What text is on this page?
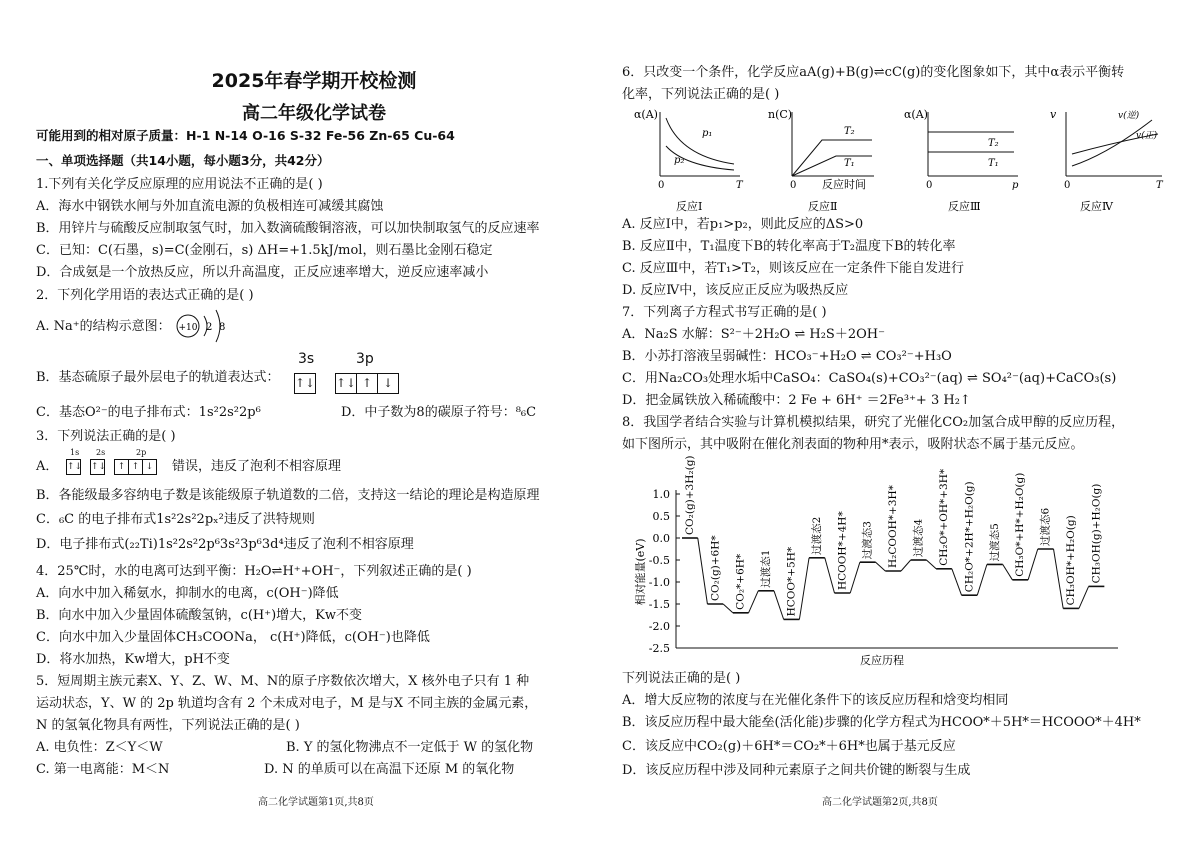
2025年春学期开校检测
高二年级化学试卷
可能用到的相对原子质量：H-1 N-14 O-16 S-32 Fe-56 Zn-65 Cu-64
一、单项选择题（共14小题，每小题3分，共42分）
1.下列有关化学反应原理的应用说法不正确的是( )
A．海水中钢铁水闸与外加直流电源的负极相连可减缓其腐蚀
B．用锌片与硫酸反应制取氢气时，加入数滴硫酸铜溶液，可以加快制取氢气的反应速率
C．已知：C(石墨，s)=C(金刚石，s) ΔH=+1.5kJ/mol，则石墨比金刚石稳定
D．合成氨是一个放热反应，所以升高温度，正反应速率增大，逆反应速率减小
2．下列化学用语的表达式正确的是( )
A. Na⁺的结构示意图： +10 2 8
B．基态硫原子最外层电子的轨道表达式：
3s	3p
↑↓ ↑↓ ↑ ↓
C．基态O²⁻的电子排布式：1s²2s²2p⁶	D．中子数为8的碳原子符号：⁸₆C
3．下列说法正确的是( )
A．
1s 2s	2p
↑↓ ↑↓ ↑ ↑ ↓ 错误，违反了泡利不相容原理
B．各能级最多容纳电子数是该能级原子轨道数的二倍，支持这一结论的理论是构造原理
C．₆C 的电子排布式1s²2s²2pₓ²违反了洪特规则
D．电子排布式(₂₂Ti)1s²2s²2p⁶3s²3p⁶3d⁴违反了泡利不相容原理
4．25℃时，水的电离可达到平衡：H₂O⇌H⁺+OH⁻，下列叙述正确的是( )
A．向水中加入稀氨水，抑制水的电离，c(OH⁻)降低
B．向水中加入少量固体硫酸氢钠，c(H⁺)增大，Kw不变
C．向水中加入少量固体CH₃COONa， c(H⁺)降低，c(OH⁻)也降低
D．将水加热，Kw增大，pH不变
5．短周期主族元素X、Y、Z、W、M、N的原子序数依次增大，X 核外电子只有 1 种
运动状态，Y、W 的 2p 轨道均含有 2 个未成对电子，M 是与X 不同主族的金属元素，
N 的氢氧化物具有两性，下列说法正确的是( )
A. 电负性：Z＜Y＜W	B. Y 的氢化物沸点不一定低于 W 的氢化物
C. 第一电离能：M＜N	D. N 的单质可以在高温下还原 M 的氧化物
高二化学试题第1页,共8页
6．只改变一个条件，化学反应aA(g)+B(g)⇌cC(g)的变化图象如下，其中α表示平衡转
化率，下列说法正确的是( )
α(A)
p₁
p₂
0	T
反应Ⅰ
n(C)
T₂
T₁
0 反应时间
反应Ⅱ
α(A)
T₂
T₁
0	p
反应Ⅲ
v	v(逆)
v(正)
0	T
反应Ⅳ
A. 反应Ⅰ中，若p₁>p₂，则此反应的ΔS>0
B. 反应Ⅱ中，T₁温度下B的转化率高于T₂温度下B的转化率
C. 反应Ⅲ中，若T₁>T₂，则该反应在一定条件下能自发进行
D. 反应Ⅳ中，该反应正反应为吸热反应
7．下列离子方程式书写正确的是( )
A．Na₂S 水解：S²⁻＋2H₂O ⇌ H₂S＋2OH⁻
B．小苏打溶液呈弱碱性：HCO₃⁻+H₂O ⇌ CO₃²⁻+H₃O
C．用Na₂CO₃处理水垢中CaSO₄：CaSO₄(s)+CO₃²⁻(aq) ⇌ SO₄²⁻(aq)+CaCO₃(s)
D．把金属铁放入稀硫酸中：2 Fe + 6H⁺ ＝2Fe³⁺+ 3 H₂↑
8．我国学者结合实验与计算机模拟结果，研究了光催化CO₂加氢合成甲醇的反应历程，
如下图所示，其中吸附在催化剂表面的物种用*表示，吸附状态不属于基元反应。
1.0
0.5
0.0
-0.5
-1.0
-1.5
-2.0
-2.5
相对能量(eV)
反应历程
CO₂(g)+3H₂(g)
CO₂(g)+6H* CO₂*+6H* 过渡态1 HCOO*+5H*
过渡态2 HCOOH*+4H* 过渡态3 H₂COOH*+3H* 过渡态4 CH₂O*+OH*+3H* CH₂O*+2H*+H₂O(g) 过渡态5 CH₃O*+H*+H₂O(g) 过渡态6 CH₃OH*+H₂O(g) CH₃OH(g)+H₂O(g)
下列说法正确的是( )
A．增大反应物的浓度与在光催化条件下的该反应历程和焓变均相同
B．该反应历程中最大能垒(活化能)步骤的化学方程式为HCOO*＋5H*＝HCOOO*＋4H*
C．该反应中CO₂(g)＋6H*＝CO₂*＋6H*也属于基元反应
D．该反应历程中涉及同种元素原子之间共价键的断裂与生成
高二化学试题第2页,共8页
